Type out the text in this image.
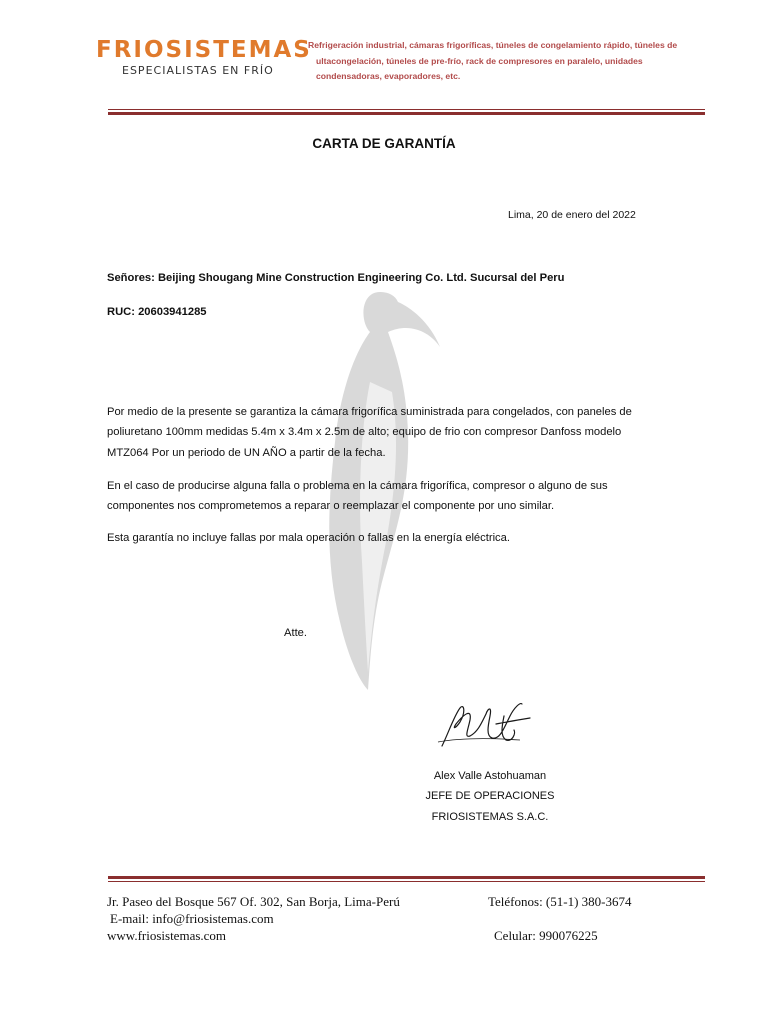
FRIOSISTEMAS
ESPECIALISTAS EN FRÍO
Refrigeración industrial, cámaras frigoríficas, túneles de congelamiento rápido, túneles de
ultacongelación, túneles de pre-frío, rack de compresores en paralelo, unidades
condensadoras, evaporadores, etc.
CARTA DE GARANTÍA
Lima, 20 de enero del 2022
Señores: Beijing Shougang Mine Construction Engineering Co. Ltd. Sucursal del Peru
RUC: 20603941285
Por medio de la presente se garantiza la cámara frigorífica suministrada para congelados, con paneles de
poliuretano 100mm medidas 5.4m x 3.4m x 2.5m de alto; equipo de frio con compresor Danfoss modelo
MTZ064 Por un periodo de UN AÑO a partir de la fecha.
En el caso de producirse alguna falla o problema en la cámara frigorífica, compresor o alguno de sus
componentes nos comprometemos a reparar o reemplazar el componente por uno similar.
Esta garantía no incluye fallas por mala operación o fallas en la energía eléctrica.
Atte.
Alex Valle Astohuaman
JEFE DE OPERACIONES
FRIOSISTEMAS S.A.C.
Jr. Paseo del Bosque 567 Of. 302, San Borja, Lima-Perú
E-mail: info@friosistemas.com
www.friosistemas.com
Teléfonos: (51-1) 380-3674
Celular: 990076225
